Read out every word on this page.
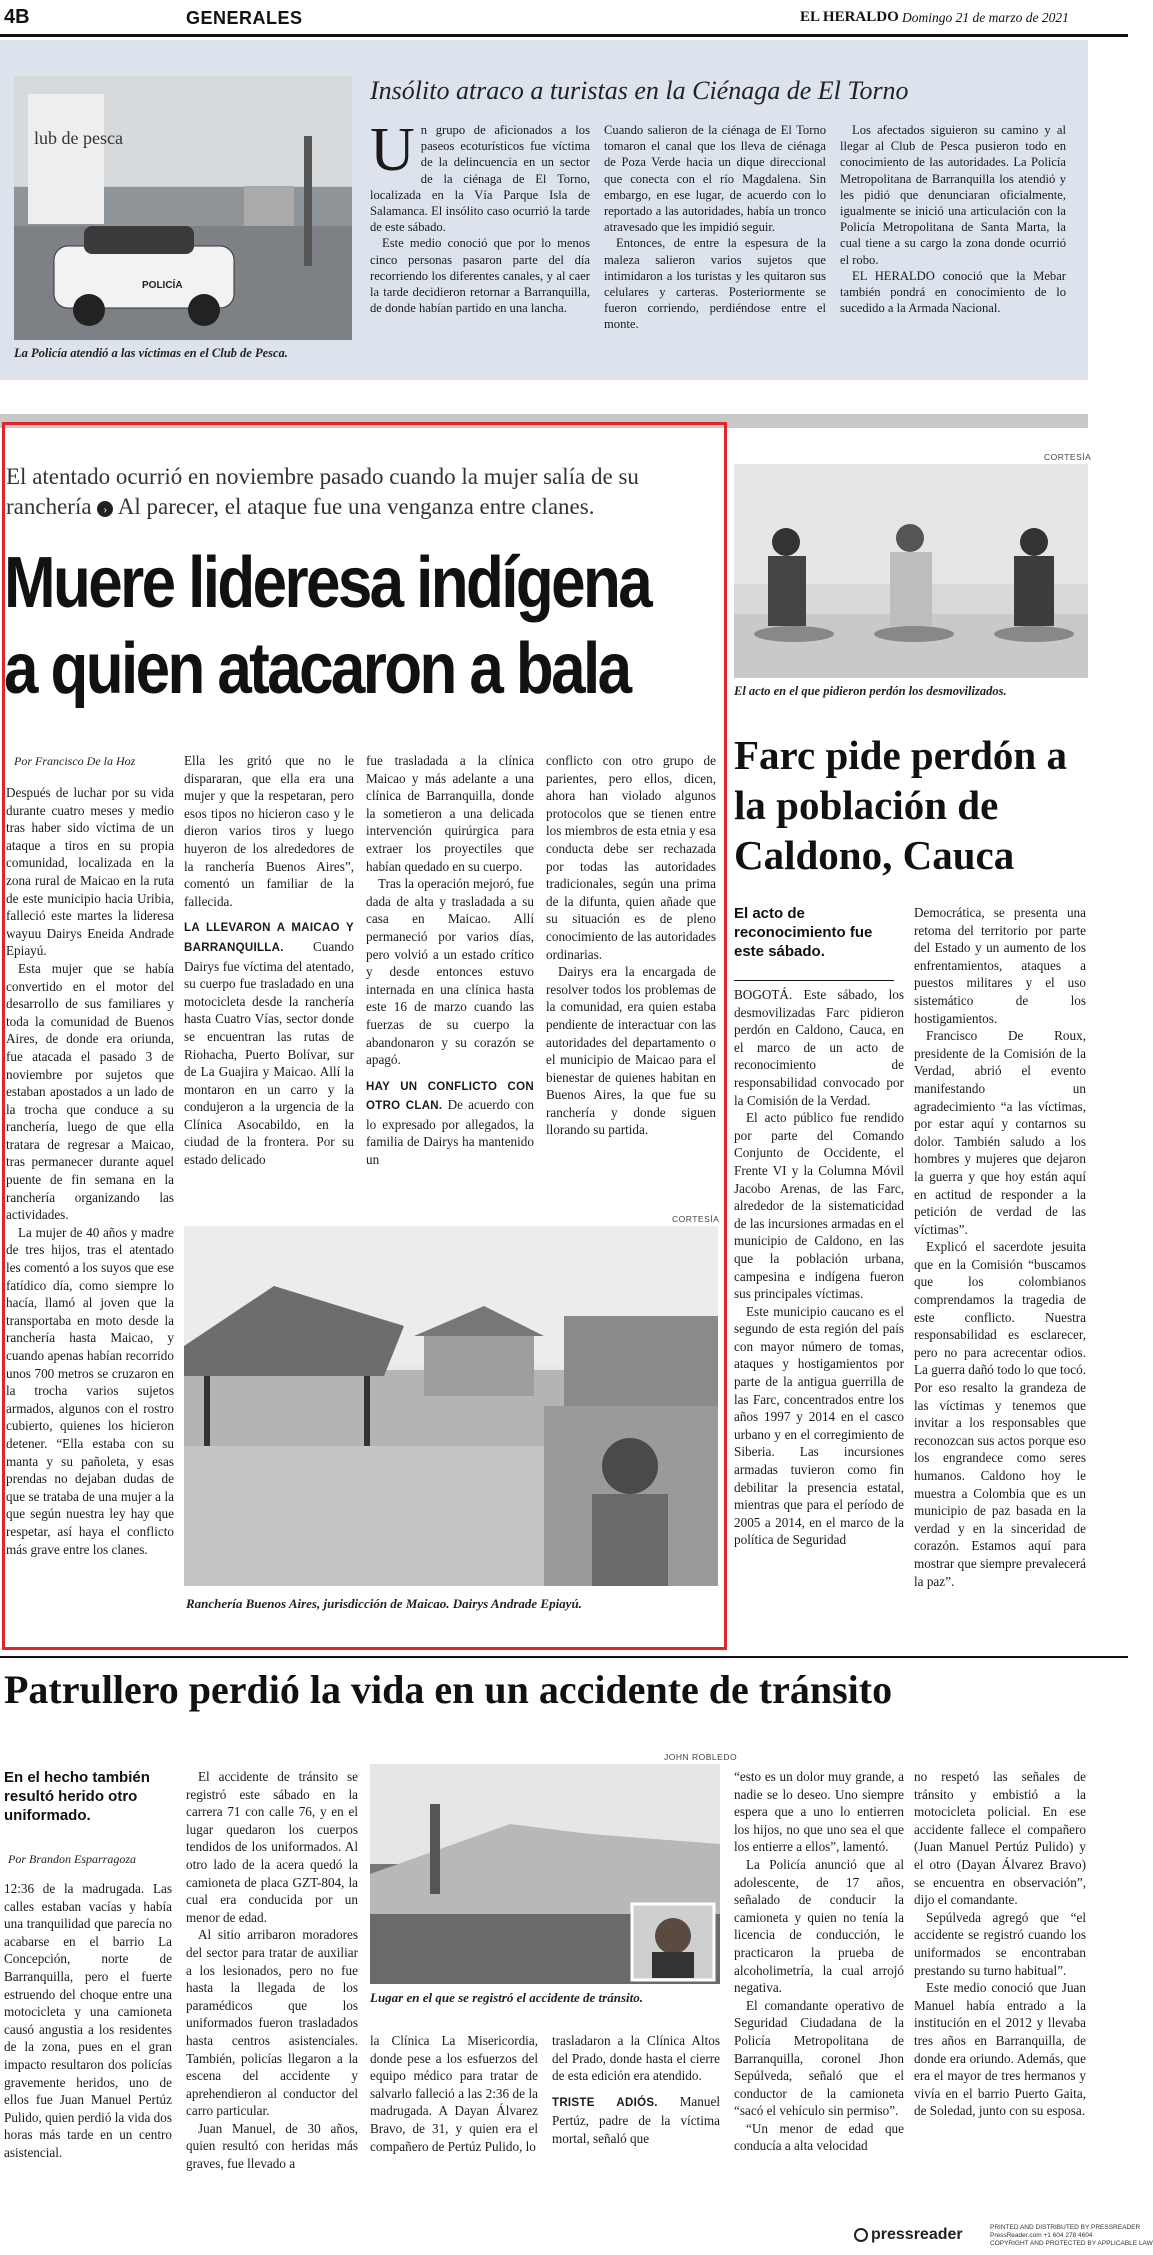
4B	GENERALES	EL HERALDO Domingo 21 de marzo de 2021
lub de pesca
POLICÍA
La Policía atendió a las víctimas en el Club de Pesca.
Insólito atraco a turistas en la Ciénaga de El Torno
U n grupo de aficionados a los paseos ecoturísticos fue víctima de la delincuencia en un sector de la ciénaga de El Torno, localizada en la Vía Parque Isla de Salamanca. El insólito caso ocurrió la tarde de este sábado.

Este medio conoció que por lo menos cinco personas pasaron parte del día recorriendo los diferentes canales, y al caer la tarde decidieron retornar a Barranquilla, de donde habían partido en una lancha.

Cuando salieron de la ciénaga de El Torno tomaron el canal que los lleva de ciénaga de Poza Verde hacia un dique direccional que conecta con el río Magdalena. Sin embargo, en ese lugar, de acuerdo con lo reportado a las autoridades, había un tronco atravesado que les impidió seguir.

Entonces, de entre la espesura de la maleza salieron varios sujetos que intimidaron a los turistas y les quitaron sus celulares y carteras. Posteriormente se fueron corriendo, perdiéndose entre el monte.

Los afectados siguieron su camino y al llegar al Club de Pesca pusieron todo en conocimiento de las autoridades. La Policía Metropolitana de Barranquilla los atendió y les pidió que denunciaran oficialmente, igualmente se inició una articulación con la Policía Metropolitana de Santa Marta, la cual tiene a su cargo la zona donde ocurrió el robo.

EL HERALDO conoció que la Mebar también pondrá en conocimiento de lo sucedido a la Armada Nacional.

El atentado ocurrió en noviembre pasado cuando la mujer salía de su ranchería › Al parecer, el ataque fue una venganza entre clanes.
Muere lideresa indígena
a quien atacaron a bala
Por Francisco De la Hoz

Después de luchar por su vida durante cuatro meses y medio tras haber sido víctima de un ataque a tiros en su propia comunidad, localizada en la zona rural de Maicao en la ruta de este municipio hacia Uribia, falleció este martes la lideresa wayuu Dairys Eneida Andrade Epiayú.

Esta mujer que se había convertido en el motor del desarrollo de sus familiares y toda la comunidad de Buenos Aires, de donde era oriunda, fue atacada el pasado 3 de noviembre por sujetos que estaban apostados a un lado de la trocha que conduce a su ranchería, luego de que ella tratara de regresar a Maicao, tras permanecer durante aquel puente de fin semana en la ranchería organizando las actividades.

La mujer de 40 años y madre de tres hijos, tras el atentado les comentó a los suyos que ese fatídico día, como siempre lo hacía, llamó al joven que la transportaba en moto desde la ranchería hasta Maicao, y cuando apenas habían recorrido unos 700 metros se cruzaron en la trocha varios sujetos armados, algunos con el rostro cubierto, quienes los hicieron detener. “Ella estaba con su manta y su pañoleta, y esas prendas no dejaban dudas de que se trataba de una mujer a la que según nuestra ley hay que respetar, así haya el conflicto más grave entre los clanes.

Ella les gritó que no le dispararan, que ella era una mujer y que la respetaran, pero esos tipos no hicieron caso y le dieron varios tiros y luego huyeron de los alrededores de la ranchería Buenos Aires”, comentó un familiar de la fallecida.

LA LLEVARON A MAICAO Y BARRANQUILLA. Cuando Dairys fue víctima del atentado, su cuerpo fue trasladado en una motocicleta desde la ranchería hasta Cuatro Vías, sector donde se encuentran las rutas de Riohacha, Puerto Bolívar, sur de La Guajira y Maicao. Allí la montaron en un carro y la condujeron a la urgencia de la Clínica Asocabildo, en la ciudad de la frontera. Por su estado delicado

fue trasladada a la clínica Maicao y más adelante a una clínica de Barranquilla, donde la sometieron a una delicada intervención quirúrgica para extraer los proyectiles que habían quedado en su cuerpo.

Tras la operación mejoró, fue dada de alta y trasladada a su casa en Maicao. Allí permaneció por varios días, pero volvió a un estado crítico y desde entonces estuvo internada en una clínica hasta este 16 de marzo cuando las fuerzas de su cuerpo la abandonaron y su corazón se apagó.

HAY UN CONFLICTO CON OTRO CLAN. De acuerdo con lo expresado por allegados, la familia de Dairys ha mantenido un

conflicto con otro grupo de parientes, pero ellos, dicen, ahora han violado algunos protocolos que se tienen entre los miembros de esta etnia y esa conducta debe ser rechazada por todas las autoridades tradicionales, según una prima de la difunta, quien añade que su situación es de pleno conocimiento de las autoridades ordinarias.

Dairys era la encargada de resolver todos los problemas de la comunidad, era quien estaba pendiente de interactuar con las autoridades del departamento o el municipio de Maicao para el bienestar de quienes habitan en Buenos Aires, la que fue su ranchería y donde siguen llorando su partida.

CORTESÍA
Ranchería Buenos Aires, jurisdicción de Maicao. Dairys Andrade Epiayú.
CORTESÍA
El acto en el que pidieron perdón los desmovilizados.
Farc pide perdón a la población de Caldono, Cauca
El acto de reconocimiento fue este sábado.

BOGOTÁ. Este sábado, los desmovilizadas Farc pidieron perdón en Caldono, Cauca, en el marco de un acto de reconocimiento de responsabilidad convocado por la Comisión de la Verdad.

El acto público fue rendido por parte del Comando Conjunto de Occidente, el Frente VI y la Columna Móvil Jacobo Arenas, de las Farc, alrededor de la sistematicidad de las incursiones armadas en el municipio de Caldono, en las que la población urbana, campesina e indígena fueron sus principales víctimas.

Este municipio caucano es el segundo de esta región del país con mayor número de tomas, ataques y hostigamientos por parte de la antigua guerrilla de las Farc, concentrados entre los años 1997 y 2014 en el casco urbano y en el corregimiento de Siberia. Las incursiones armadas tuvieron como fin debilitar la presencia estatal, mientras que para el período de 2005 a 2014, en el marco de la política de Seguridad

Democrática, se presenta una retoma del territorio por parte del Estado y un aumento de los enfrentamientos, ataques a puestos militares y el uso sistemático de los hostigamientos.

Francisco De Roux, presidente de la Comisión de la Verdad, abrió el evento manifestando un agradecimiento “a las víctimas, por estar aquí y contarnos su dolor. También saludo a los hombres y mujeres que dejaron la guerra y que hoy están aquí en actitud de responder a la petición de verdad de las víctimas”.

Explicó el sacerdote jesuita que en la Comisión “buscamos que los colombianos comprendamos la tragedia de este conflicto. Nuestra responsabilidad es esclarecer, pero no para acrecentar odios. La guerra dañó todo lo que tocó. Por eso resalto la grandeza de las víctimas y tenemos que invitar a los responsables que reconozcan sus actos porque eso los engrandece como seres humanos. Caldono hoy le muestra a Colombia que es un municipio de paz basada en la verdad y en la sinceridad de corazón. Estamos aquí para mostrar que siempre prevalecerá la paz”.

Patrullero perdió la vida en un accidente de tránsito
En el hecho también resultó herido otro uniformado.
Por Brandon Esparragoza

12:36 de la madrugada. Las calles estaban vacías y había una tranquilidad que parecía no acabarse en el barrio La Concepción, norte de Barranquilla, pero el fuerte estruendo del choque entre una motocicleta y una camioneta causó angustia a los residentes de la zona, pues en el gran impacto resultaron dos policías gravemente heridos, uno de ellos fue Juan Manuel Pertúz Pulido, quien perdió la vida dos horas más tarde en un centro asistencial.

El accidente de tránsito se registró este sábado en la carrera 71 con calle 76, y en el lugar quedaron los cuerpos tendidos de los uniformados. Al otro lado de la acera quedó la camioneta de placa GZT-804, la cual era conducida por un menor de edad.

Al sitio arribaron moradores del sector para tratar de auxiliar a los lesionados, pero no fue hasta la llegada de los paramédicos que los uniformados fueron trasladados hasta centros asistenciales. También, policías llegaron a la escena del accidente y aprehendieron al conductor del carro particular.

Juan Manuel, de 30 años, quien resultó con heridas más graves, fue llevado a

JOHN ROBLEDO
Lugar en el que se registró el accidente de tránsito.

la Clínica La Misericordia, donde pese a los esfuerzos del equipo médico para tratar de salvarlo falleció a las 2:36 de la madrugada. A Dayan Álvarez Bravo, de 31, y quien era el compañero de Pertúz Pulido, lo

trasladaron a la Clínica Altos del Prado, donde hasta el cierre de esta edición era atendido.

TRISTE ADIÓS. Manuel Pertúz, padre de la víctima mortal, señaló que

“esto es un dolor muy grande, a nadie se lo deseo. Uno siempre espera que a uno lo entierren los hijos, no que uno sea el que los entierre a ellos”, lamentó.

La Policía anunció que al adolescente, de 17 años, señalado de conducir la camioneta y quien no tenía la licencia de conducción, le practicaron la prueba de alcoholimetría, la cual arrojó negativa.

El comandante operativo de Seguridad Ciudadana de la Policía Metropolitana de Barranquilla, coronel Jhon Sepúlveda, señaló que el conductor de la camioneta “sacó el vehículo sin permiso”.

“Un menor de edad que conducía a alta velocidad

no respetó las señales de tránsito y embistió a la motocicleta policial. En ese accidente fallece el compañero (Juan Manuel Pertúz Pulido) y el otro (Dayan Álvarez Bravo) se encuentra en observación”, dijo el comandante.

Sepúlveda agregó que “el accidente se registró cuando los uniformados se encontraban prestando su turno habitual”.

Este medio conoció que Juan Manuel había entrado a la institución en el 2012 y llevaba tres años en Barranquilla, de donde era oriundo. Además, que era el mayor de tres hermanos y vivía en el barrio Puerto Gaita, de Soledad, junto con su esposa.

pressreader	PRINTED AND DISTRIBUTED BY PRESSREADER
PressReader.com +1 604 278 4604
COPYRIGHT AND PROTECTED BY APPLICABLE LAW
